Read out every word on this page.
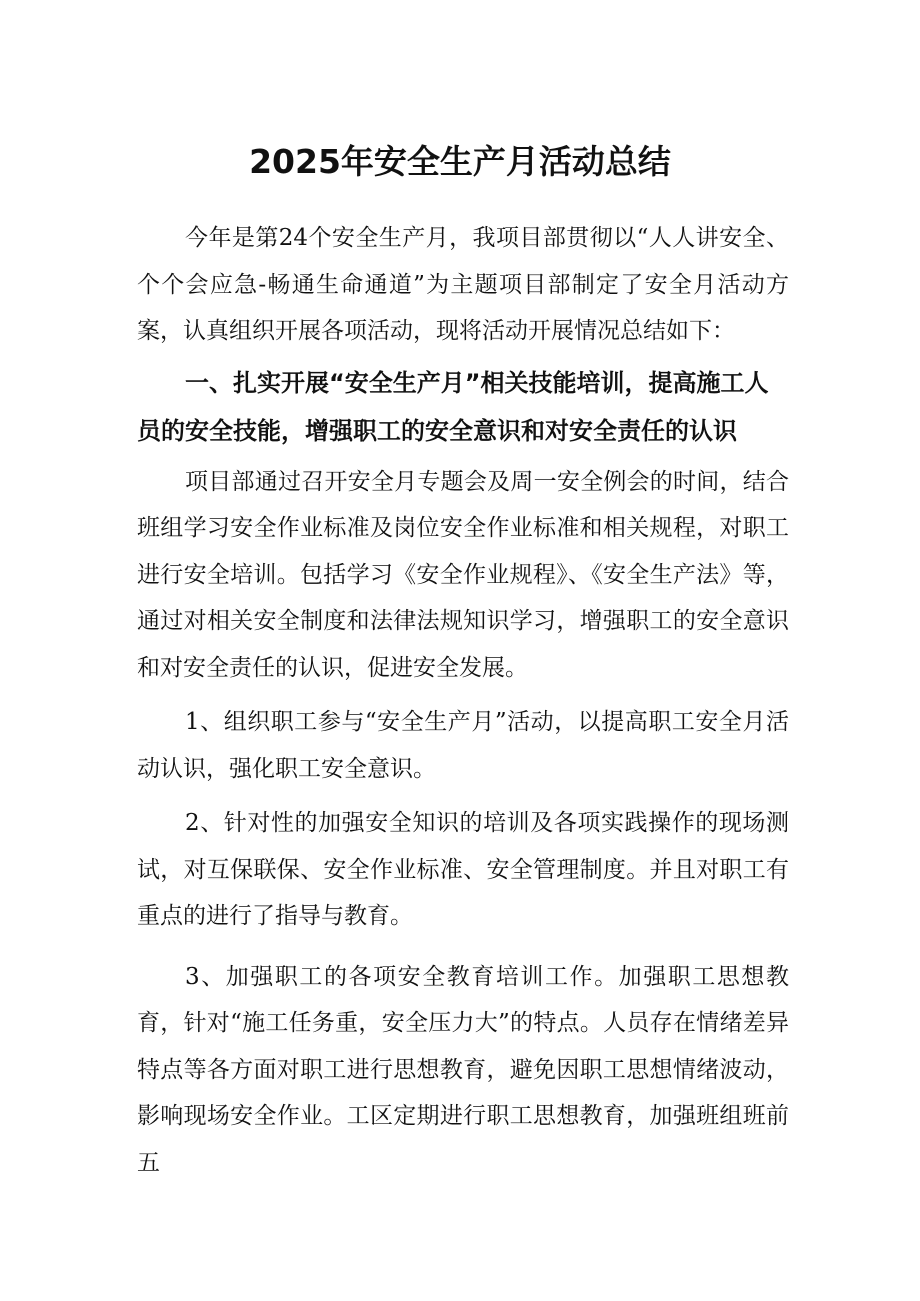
2025年安全生产月活动总结

今年是第24个安全生产月，我项目部贯彻以“人人讲安全、个个会应急-畅通生命通道”为主题项目部制定了安全月活动方案，认真组织开展各项活动，现将活动开展情况总结如下：

一、扎实开展“安全生产月”相关技能培训，提高施工人员的安全技能，增强职工的安全意识和对安全责任的认识

项目部通过召开安全月专题会及周一安全例会的时间，结合班组学习安全作业标准及岗位安全作业标准和相关规程，对职工进行安全培训。包括学习《安全作业规程》、《安全生产法》等，通过对相关安全制度和法律法规知识学习，增强职工的安全意识和对安全责任的认识，促进安全发展。

1、组织职工参与“安全生产月”活动，以提高职工安全月活动认识，强化职工安全意识。

2、针对性的加强安全知识的培训及各项实践操作的现场测试，对互保联保、安全作业标准、安全管理制度。并且对职工有重点的进行了指导与教育。

3、加强职工的各项安全教育培训工作。加强职工思想教育，针对“施工任务重，安全压力大”的特点。人员存在情绪差异特点等各方面对职工进行思想教育，避免因职工思想情绪波动，影响现场安全作业。工区定期进行职工思想教育，加强班组班前五
